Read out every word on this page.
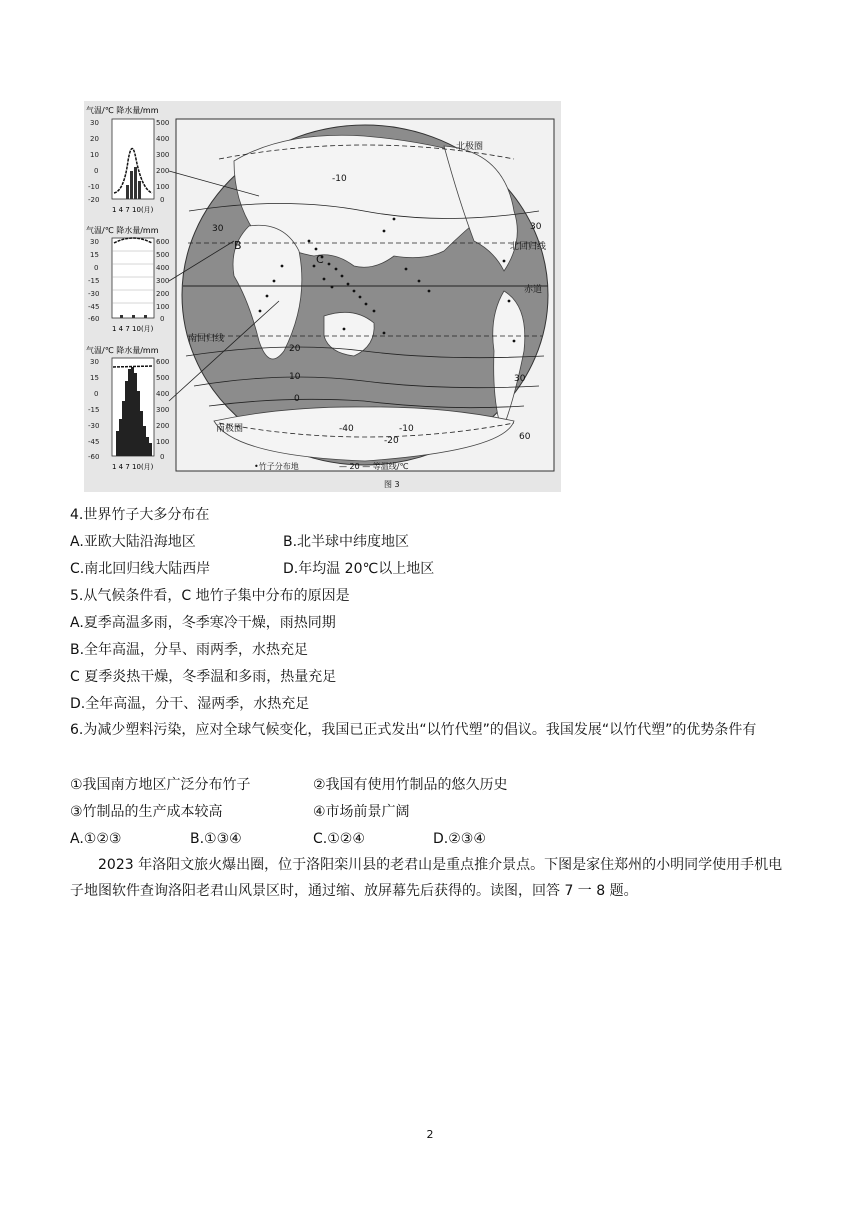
气温/℃ 降水量/mm
30
20
10
0
-10
-20
500
400
300
200
100
0
1 4 7 10(月)
气温/℃ 降水量/mm
30
15
0
-15
-30
-45
-60
600
500
400
300
200
100
0
1 4 7 10(月)
气温/℃ 降水量/mm
30
15
0
-15
-30
-45
-60
600
500
400
300
200
100
0
1 4 7 10(月)
北极圈
北回归线
赤道
南回归线
南极圈
B
C
-10
30	30
20
10
0
-10
-20
-40
60
30
•竹子分布地	— 20 — 等温线/℃
图 3
4.世界竹子大多分布在
A.亚欧大陆沿海地区	B.北半球中纬度地区
C.南北回归线大陆西岸	D.年均温 20℃以上地区
5.从气候条件看，C 地竹子集中分布的原因是
A.夏季高温多雨，冬季寒冷干燥，雨热同期
B.全年高温，分旱、雨两季，水热充足
C 夏季炎热干燥，冬季温和多雨，热量充足
D.全年高温，分干、湿两季，水热充足
6.为减少塑料污染，应对全球气候变化，我国已正式发出“以竹代塑”的倡议。我国发展“以竹代塑”的优势条件有
①我国南方地区广泛分布竹子	②我国有使用竹制品的悠久历史
③竹制品的生产成本较高	④市场前景广阔
A.①②③	B.①③④	C.①②④	D.②③④
2023 年洛阳文旅火爆出圈，位于洛阳栾川县的老君山是重点推介景点。下图是家住郑州的小明同学使用手机电子地图软件查询洛阳老君山风景区时，通过缩、放屏幕先后获得的。读图，回答 7 一 8 题。
2
